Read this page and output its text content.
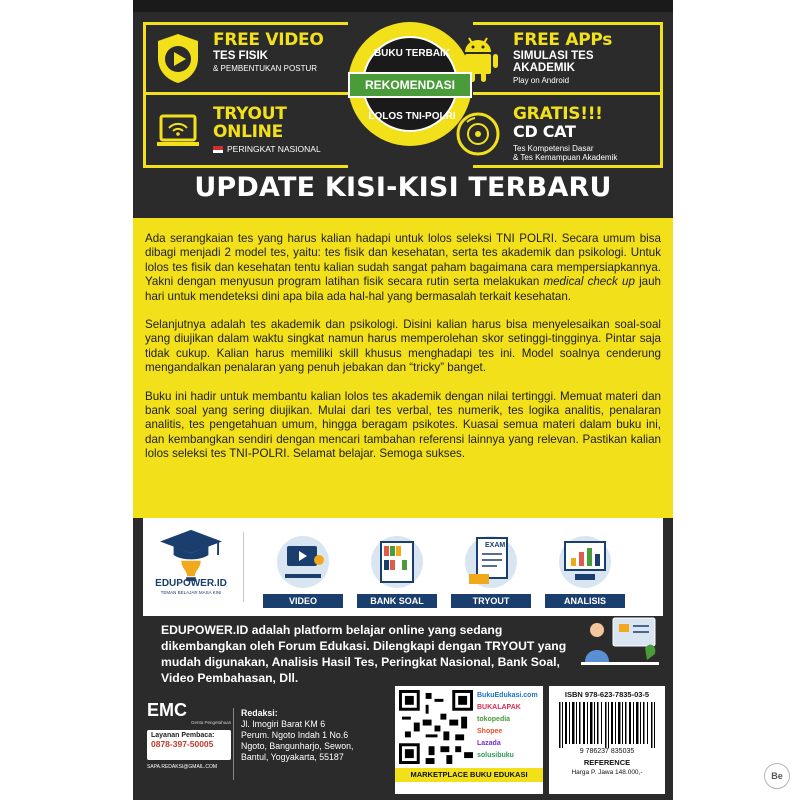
FREE VIDEO
TES FISIK
& PEMBENTUKAN POSTUR
FREE APPs
SIMULASI TES
AKADEMIK
Play on Android
TRYOUT
ONLINE
PERINGKAT NASIONAL
GRATIS!!!
CD CAT
Tes Kompetensi Dasar
& Tes Kemampuan Akademik
BUKU TERBAIK
REKOMENDASI
LOLOS TNI-POLRI
UPDATE KISI-KISI TERBARU

Ada serangkaian tes yang harus kalian hadapi untuk lolos seleksi TNI POLRI. Secara umum bisa dibagi menjadi 2 model tes, yaitu: tes fisik dan kesehatan, serta tes akademik dan psikologi. Untuk lolos tes fisik dan kesehatan tentu kalian sudah sangat paham bagaimana cara mempersiapkannya. Yakni dengan menyusun program latihan fisik secara rutin serta melakukan medical check up jauh hari untuk mendeteksi dini apa bila ada hal-hal yang bermasalah terkait kesehatan.

Selanjutnya adalah tes akademik dan psikologi. Disini kalian harus bisa menyelesaikan soal-soal yang diujikan dalam waktu singkat namun harus memperolehan skor setinggi-tingginya. Pintar saja tidak cukup. Kalian harus memiliki skill khusus menghadapi tes ini. Model soalnya cenderung mengandalkan penalaran yang penuh jebakan dan “tricky” banget.

Buku ini hadir untuk membantu kalian lolos tes akademik dengan nilai tertinggi. Memuat materi dan bank soal yang sering diujikan. Mulai dari tes verbal, tes numerik, tes logika analitis, penalaran analitis, tes pengetahuan umum, hingga beragam psikotes. Kuasai semua materi dalam buku ini, dan kembangkan sendiri dengan mencari tambahan referensi lainnya yang relevan. Pastikan kalian lolos seleksi tes TNI-POLRI. Selamat belajar. Semoga sukses.

EDUPOWER.ID
TEMAN BELAJAR MASA KINI
VIDEO	BANK SOAL
EXAM
TRYOUT	ANALISIS
EDUPOWER.ID adalah platform belajar online yang sedang dikembangkan oleh Forum Edukasi. Dilengkapi dengan TRYOUT yang mudah digunakan, Analisis Hasil Tes, Peringkat Nasional, Bank Soal, Video Pembahasan, Dll.
EMC
Genta Pengetahuan
Layanan Pembaca:
0878-397-50005
SAPA.REDAKSI@GMAIL.COM
Redaksi:
Jl. Imogiri Barat KM 6
Perum. Ngoto Indah 1 No.6
Ngoto, Bangunharjo, Sewon,
Bantul, Yogyakarta, 55187
BukuEdukasi.com
BUKALAPAK
tokopedia
Shopee
Lazada
solusibuku
MARKETPLACE BUKU EDUKASI
ISBN 978-623-7835-03-5
9 786237 835035
REFERENCE
Harga P. Jawa 148.000,-	Be
